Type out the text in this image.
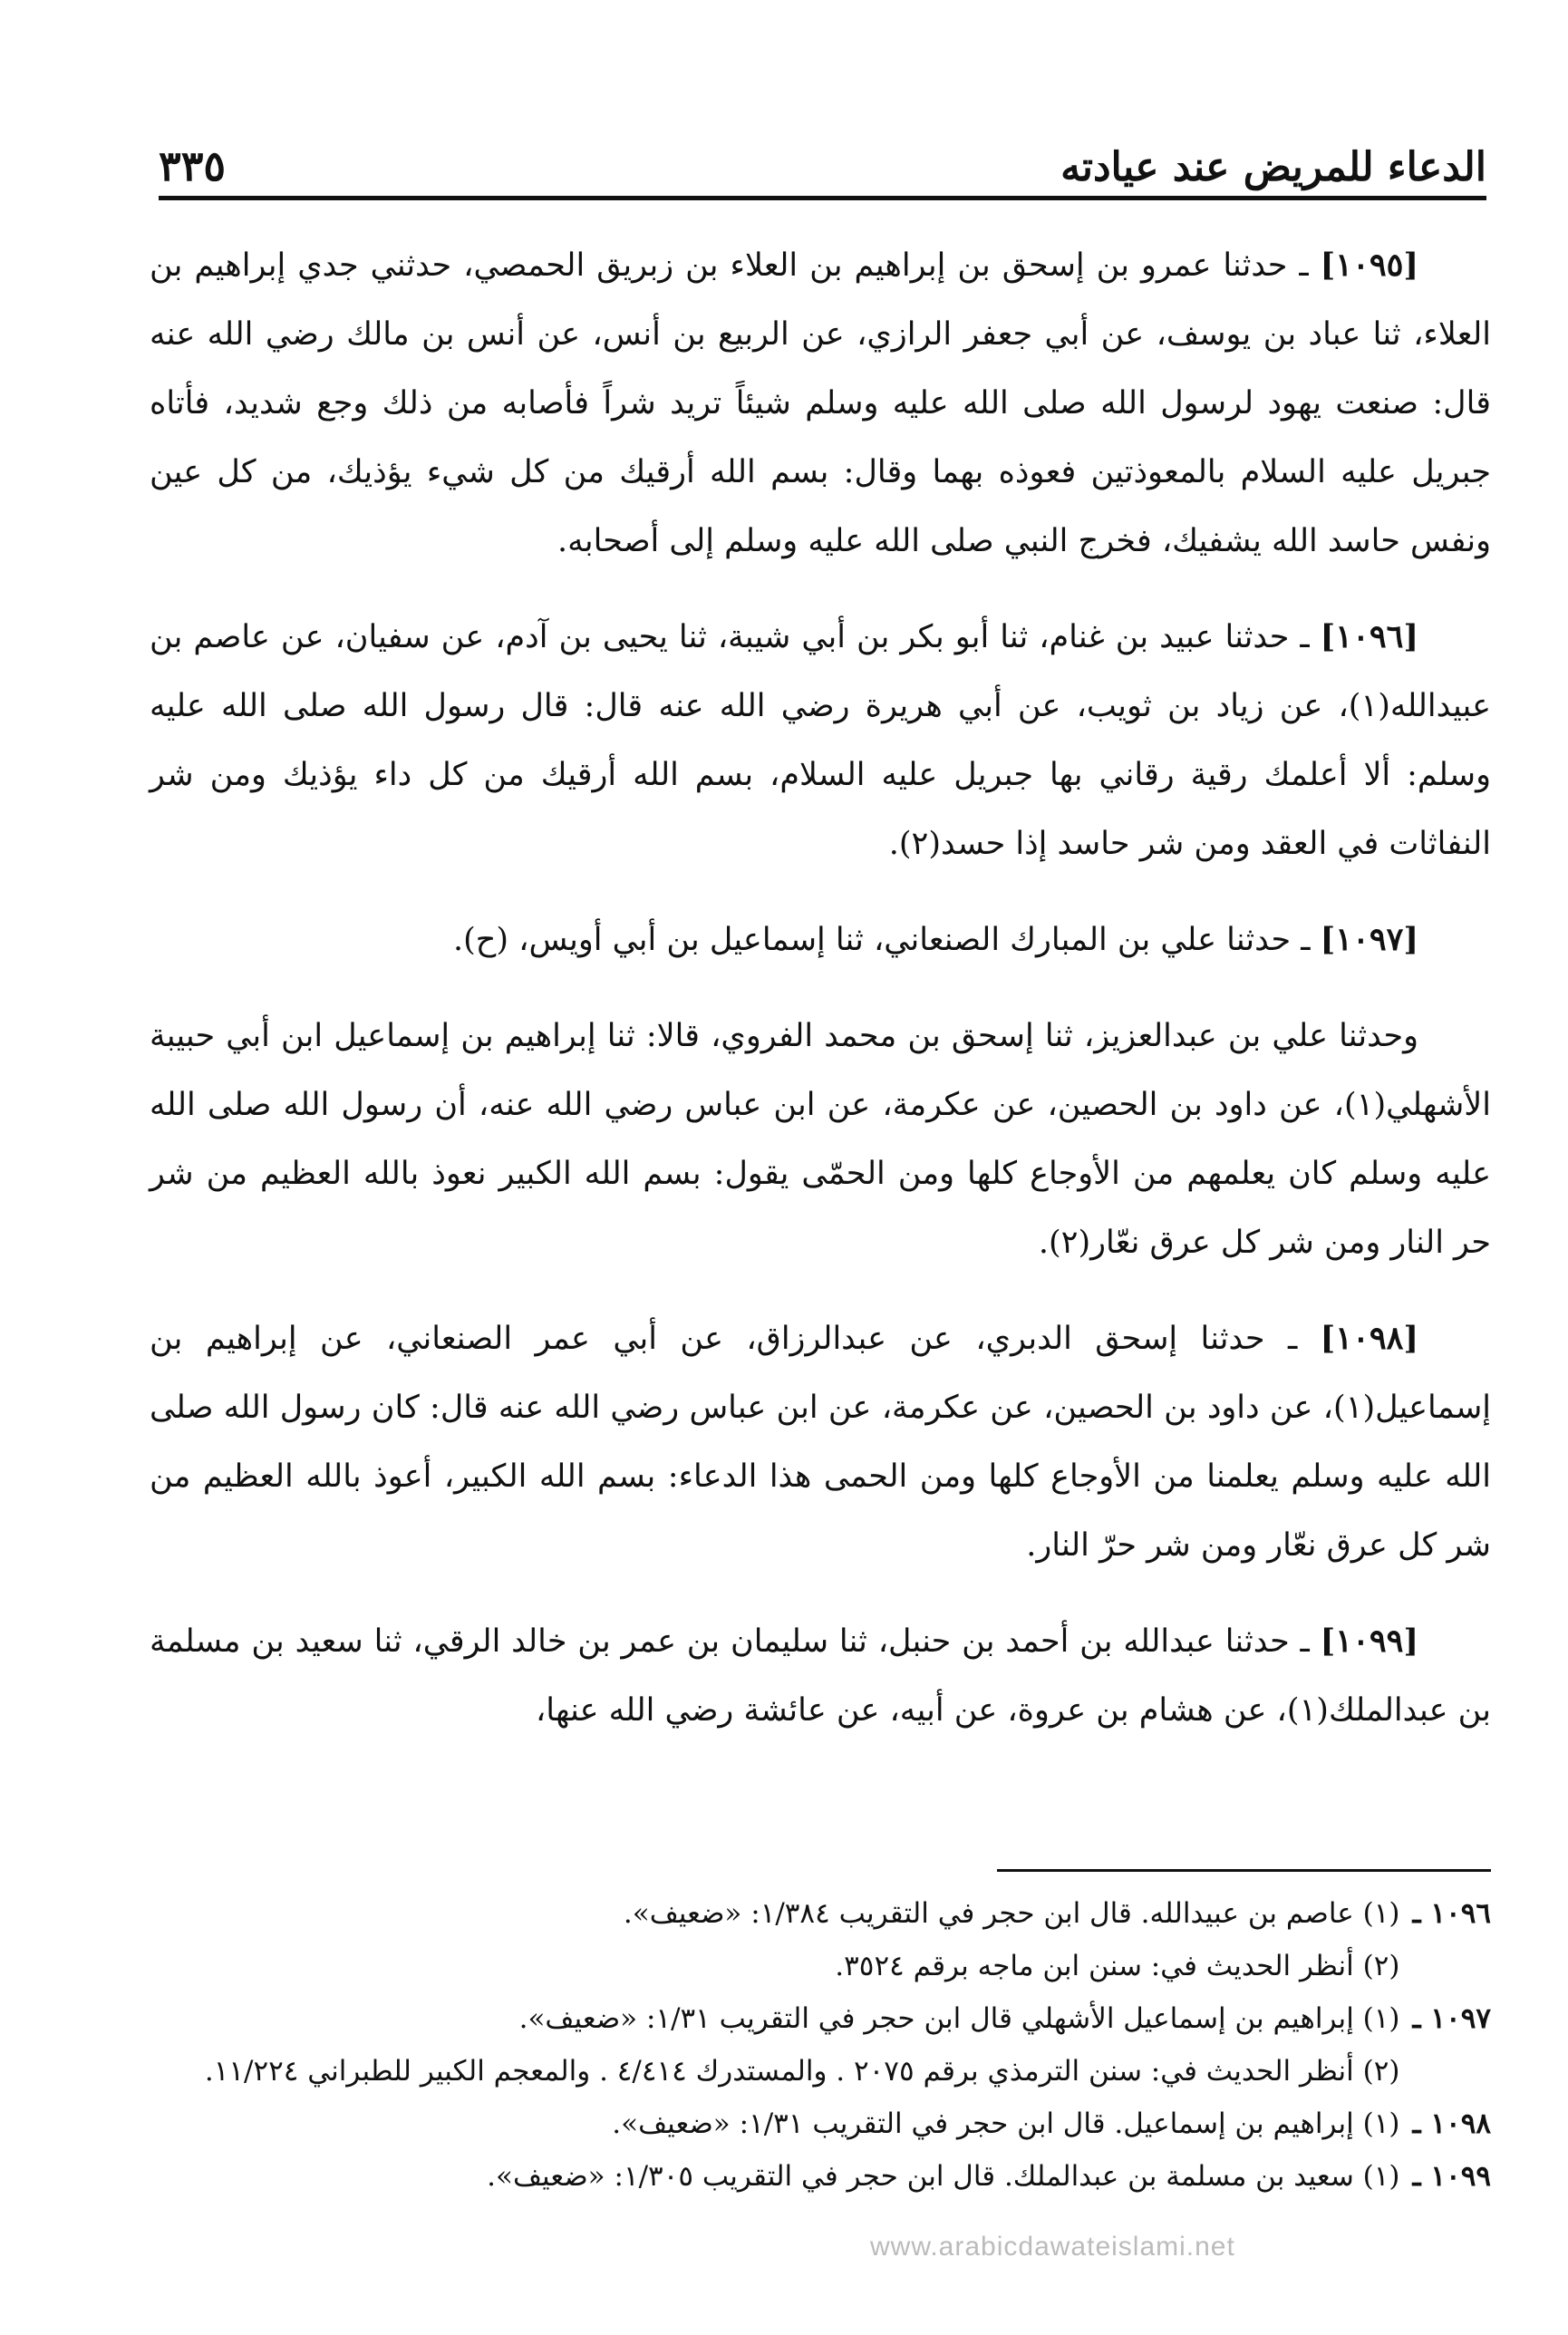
٣٣٥	الدعاء للمريض عند عيادته

[١٠٩٥] ـ حدثنا عمرو بن إسحق بن إبراهيم بن العلاء بن زبريق الحمصي، حدثني جدي إبراهيم بن العلاء، ثنا عباد بن يوسف، عن أبي جعفر الرازي، عن الربيع بن أنس، عن أنس بن مالك رضي الله عنه قال: صنعت يهود لرسول الله صلى الله عليه وسلم شيئاً تريد شراً فأصابه من ذلك وجع شديد، فأتاه جبريل عليه السلام بالمعوذتين فعوذه بهما وقال: بسم الله أرقيك من كل شيء يؤذيك، من كل عين ونفس حاسد الله يشفيك، فخرج النبي صلى الله عليه وسلم إلى أصحابه.

[١٠٩٦] ـ حدثنا عبيد بن غنام، ثنا أبو بكر بن أبي شيبة، ثنا يحيى بن آدم، عن سفيان، عن عاصم بن عبيدالله(١)، عن زياد بن ثويب، عن أبي هريرة رضي الله عنه قال: قال رسول الله صلى الله عليه وسلم: ألا أعلمك رقية رقاني بها جبريل عليه السلام، بسم الله أرقيك من كل داء يؤذيك ومن شر النفاثات في العقد ومن شر حاسد إذا حسد(٢).

[١٠٩٧] ـ حدثنا علي بن المبارك الصنعاني، ثنا إسماعيل بن أبي أويس، (ح).

وحدثنا علي بن عبدالعزيز، ثنا إسحق بن محمد الفروي، قالا: ثنا إبراهيم بن إسماعيل ابن أبي حبيبة الأشهلي(١)، عن داود بن الحصين، عن عكرمة، عن ابن عباس رضي الله عنه، أن رسول الله صلى الله عليه وسلم كان يعلمهم من الأوجاع كلها ومن الحمّى يقول: بسم الله الكبير نعوذ بالله العظيم من شر حر النار ومن شر كل عرق نعّار(٢).

[١٠٩٨] ـ حدثنا إسحق الدبري، عن عبدالرزاق، عن أبي عمر الصنعاني، عن إبراهيم بن إسماعيل(١)، عن داود بن الحصين، عن عكرمة، عن ابن عباس رضي الله عنه قال: كان رسول الله صلى الله عليه وسلم يعلمنا من الأوجاع كلها ومن الحمى هذا الدعاء: بسم الله الكبير، أعوذ بالله العظيم من شر كل عرق نعّار ومن شر حرّ النار.

[١٠٩٩] ـ حدثنا عبدالله بن أحمد بن حنبل، ثنا سليمان بن عمر بن خالد الرقي، ثنا سعيد بن مسلمة بن عبدالملك(١)، عن هشام بن عروة، عن أبيه، عن عائشة رضي الله عنها،

١٠٩٦ ـ

(١) عاصم بن عبيدالله. قال ابن حجر في التقريب ١/٣٨٤: «ضعيف».

(٢) أنظر الحديث في: سنن ابن ماجه برقم ٣٥٢٤.

١٠٩٧ ـ

(١) إبراهيم بن إسماعيل الأشهلي قال ابن حجر في التقريب ١/٣١: «ضعيف».

(٢) أنظر الحديث في: سنن الترمذي برقم ٢٠٧٥ . والمستدرك ٤/٤١٤ . والمعجم الكبير للطبراني ١١/٢٢٤.

١٠٩٨ ـ

(١) إبراهيم بن إسماعيل. قال ابن حجر في التقريب ١/٣١: «ضعيف».

١٠٩٩ ـ

(١) سعيد بن مسلمة بن عبدالملك. قال ابن حجر في التقريب ١/٣٠٥: «ضعيف».

www.arabicdawateislami.net
